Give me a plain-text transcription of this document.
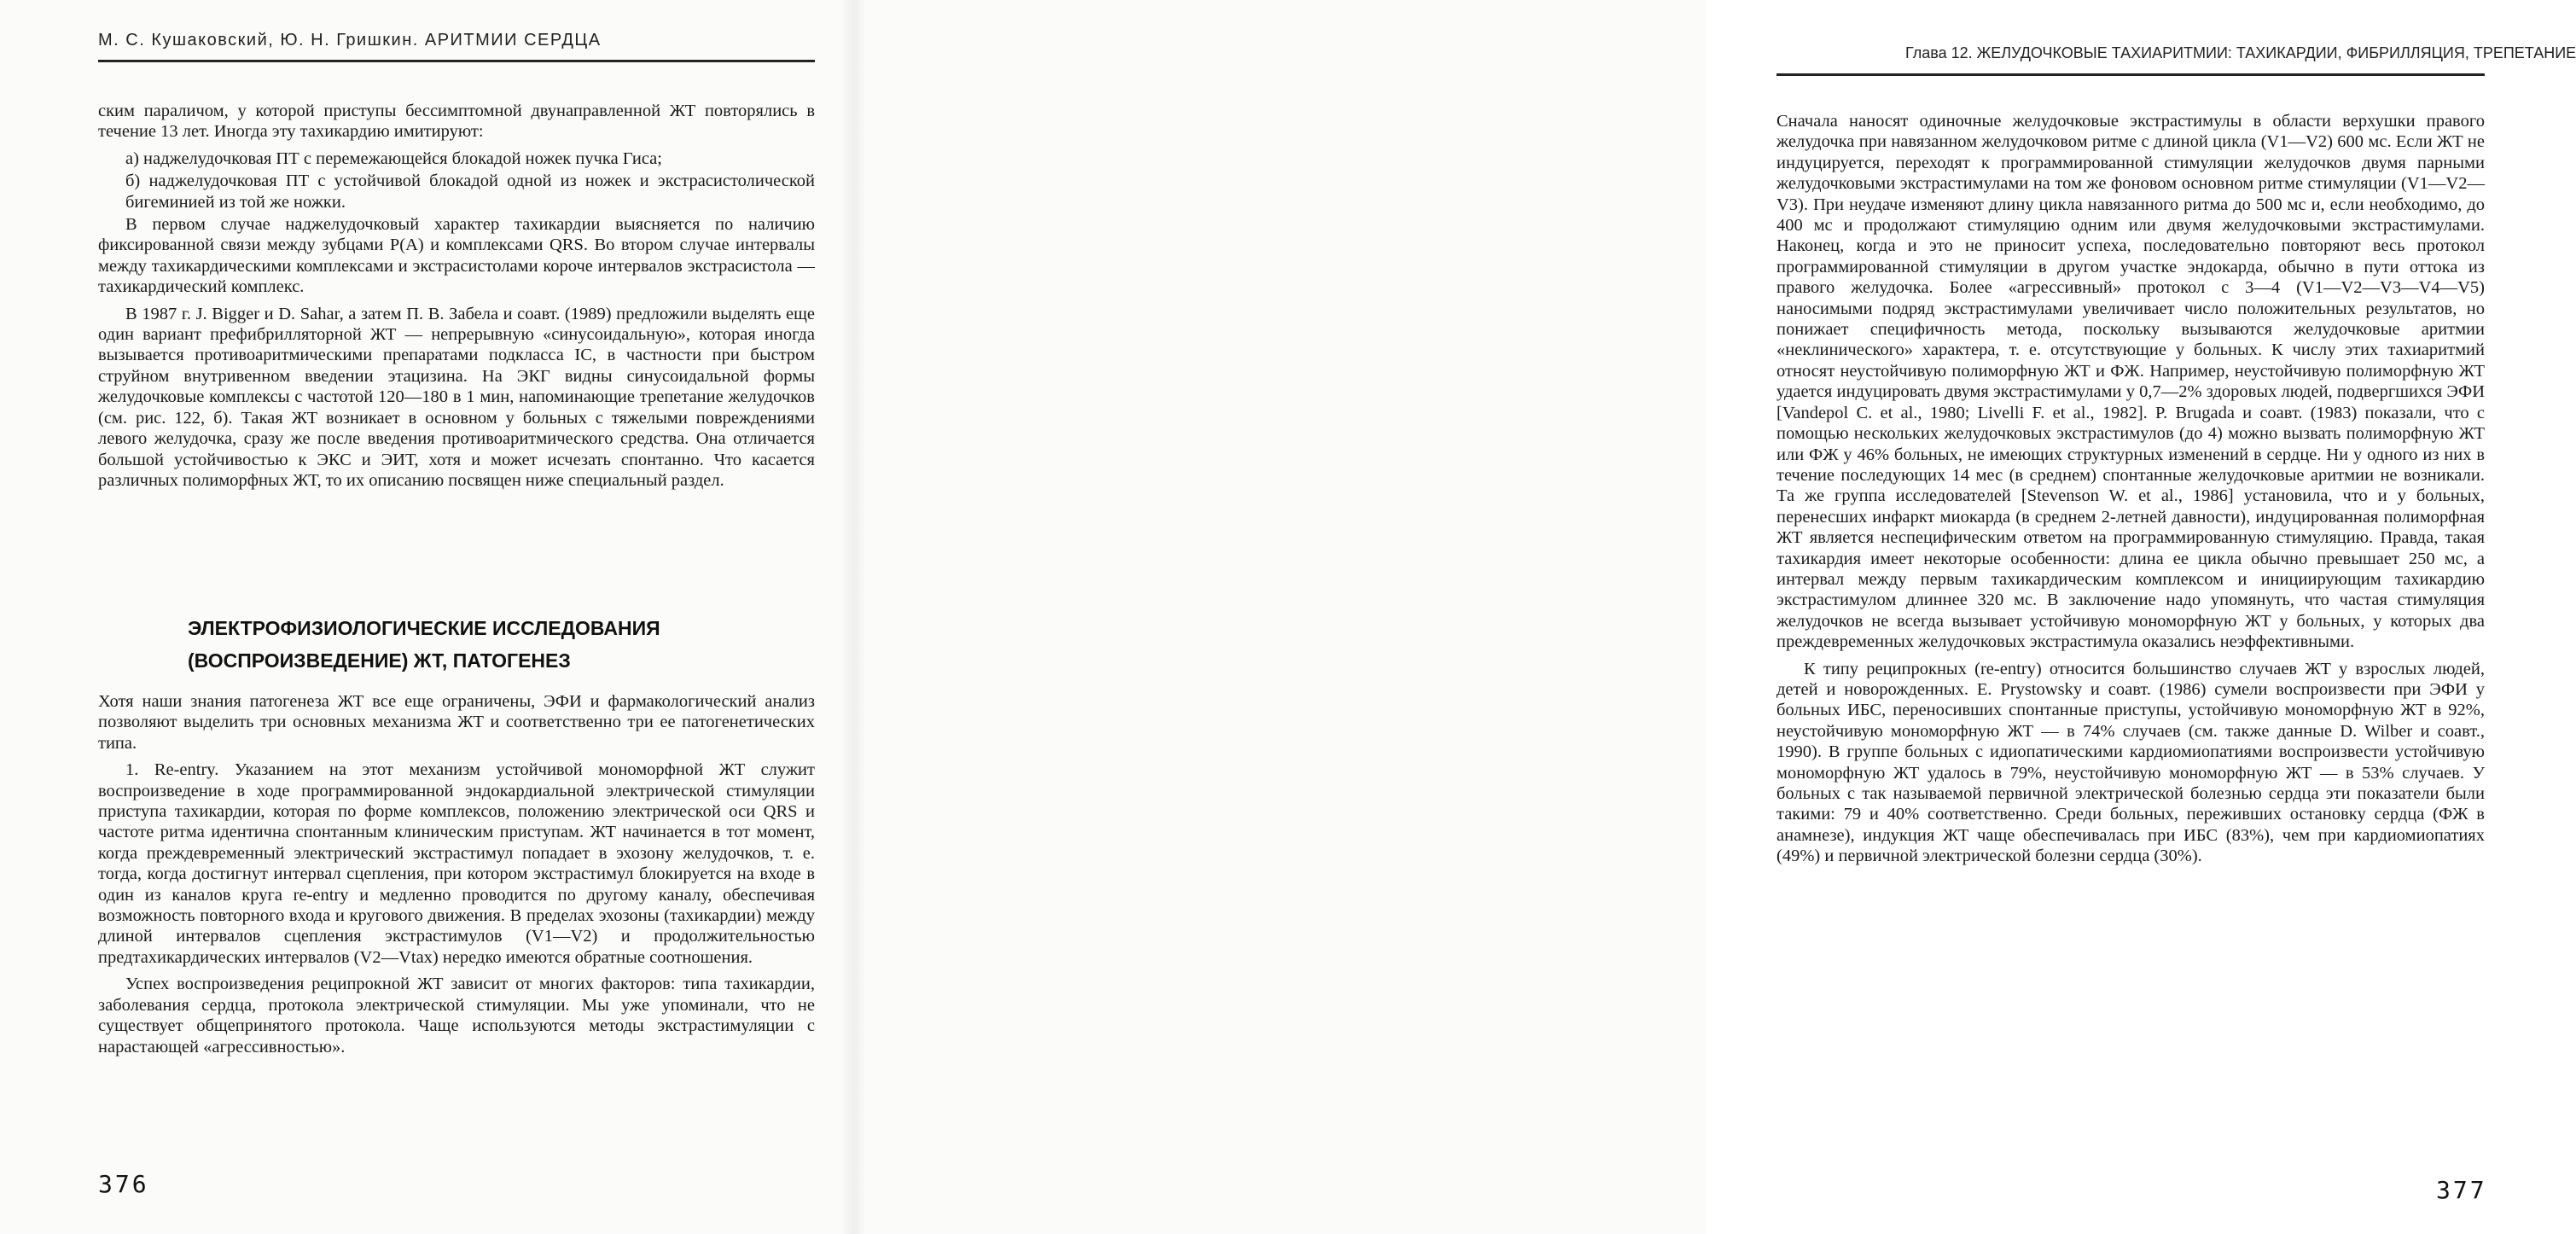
М. С. Кушаковский, Ю. Н. Гришкин. АРИТМИИ СЕРДЦА

ским параличом, у которой приступы бессимптомной двунаправленной ЖТ повторялись в течение 13 лет. Иногда эту тахикардию имитируют:

а) наджелудочковая ПТ с перемежающейся блокадой ножек пучка Гиса;

б) наджелудочковая ПТ с устойчивой блокадой одной из ножек и экстрасистолической бигеминией из той же ножки.

В первом случае наджелудочковый характер тахикардии выясняется по наличию фиксированной связи между зубцами P(A) и комплексами QRS. Во втором случае интервалы между тахикардическими комплексами и экстрасистолами короче интервалов экстрасистола — тахикардический комплекс.

В 1987 г. J. Bigger и D. Sahar, а затем П. В. Забела и соавт. (1989) предложили выделять еще один вариант префибрилляторной ЖТ — непрерывную «синусоидальную», которая иногда вызывается противоаритмическими препаратами подкласса IC, в частности при быстром струйном внутривенном введении этацизина. На ЭКГ видны синусоидальной формы желудочковые комплексы с частотой 120—180 в 1 мин, напоминающие трепетание желудочков (см. рис. 122, б). Такая ЖТ возникает в основном у больных с тяжелыми повреждениями левого желудочка, сразу же после введения противоаритмического средства. Она отличается большой устойчивостью к ЭКС и ЭИТ, хотя и может исчезать спонтанно. Что касается различных полиморфных ЖТ, то их описанию посвящен ниже специальный раздел.

ЭЛЕКТРОФИЗИОЛОГИЧЕСКИЕ ИССЛЕДОВАНИЯ
(ВОСПРОИЗВЕДЕНИЕ) ЖТ, ПАТОГЕНЕЗ

Хотя наши знания патогенеза ЖТ все еще ограничены, ЭФИ и фармакологический анализ позволяют выделить три основных механизма ЖТ и соответственно три ее патогенетических типа.

1. Re-entry. Указанием на этот механизм устойчивой мономорфной ЖТ служит воспроизведение в ходе программированной эндокардиальной электрической стимуляции приступа тахикардии, которая по форме комплексов, положению электрической оси QRS и частоте ритма идентична спонтанным клиническим приступам. ЖТ начинается в тот момент, когда преждевременный электрический экстрастимул попадает в эхозону желудочков, т. е. тогда, когда достигнут интервал сцепления, при котором экстрастимул блокируется на входе в один из каналов круга re-entry и медленно проводится по другому каналу, обеспечивая возможность повторного входа и кругового движения. В пределах эхозоны (тахикардии) между длиной интервалов сцепления экстрастимулов (V1—V2) и продолжительностью предтахикардических интервалов (V2—Vtax) нередко имеются обратные соотношения.

Успех воспроизведения реципрокной ЖТ зависит от многих факторов: типа тахикардии, заболевания сердца, протокола электрической стимуляции. Мы уже упоминали, что не существует общепринятого протокола. Чаще используются методы экстрастимуляции с нарастающей «агрессивностью».

376
Глава 12. ЖЕЛУДОЧКОВЫЕ ТАХИАРИТМИИ: ТАХИКАРДИИ, ФИБРИЛЛЯЦИЯ, ТРЕПЕТАНИЕ

Сначала наносят одиночные желудочковые экстрастимулы в области верхушки правого желудочка при навязанном желудочковом ритме с длиной цикла (V1—V2) 600 мс. Если ЖТ не индуцируется, переходят к программированной стимуляции желудочков двумя парными желудочковыми экстрастимулами на том же фоновом основном ритме стимуляции (V1—V2—V3). При неудаче изменяют длину цикла навязанного ритма до 500 мс и, если необходимо, до 400 мс и продолжают стимуляцию одним или двумя желудочковыми экстрастимулами. Наконец, когда и это не приносит успеха, последовательно повторяют весь протокол программированной стимуляции в другом участке эндокарда, обычно в пути оттока из правого желудочка. Более «агрессивный» протокол с 3—4 (V1—V2—V3—V4—V5) наносимыми подряд экстрастимулами увеличивает число положительных результатов, но понижает специфичность метода, поскольку вызываются желудочковые аритмии «неклинического» характера, т. е. отсутствующие у больных. К числу этих тахиаритмий относят неустойчивую полиморфную ЖТ и ФЖ. Например, неустойчивую полиморфную ЖТ удается индуцировать двумя экстрастимулами у 0,7—2% здоровых людей, подвергшихся ЭФИ [Vandepol C. et al., 1980; Livelli F. et al., 1982]. P. Brugada и соавт. (1983) показали, что с помощью нескольких желудочковых экстрастимулов (до 4) можно вызвать полиморфную ЖТ или ФЖ у 46% больных, не имеющих структурных изменений в сердце. Ни у одного из них в течение последующих 14 мес (в среднем) спонтанные желудочковые аритмии не возникали. Та же группа исследователей [Stevenson W. et al., 1986] установила, что и у больных, перенесших инфаркт миокарда (в среднем 2-летней давности), индуцированная полиморфная ЖТ является неспецифическим ответом на программированную стимуляцию. Правда, такая тахикардия имеет некоторые особенности: длина ее цикла обычно превышает 250 мс, а интервал между первым тахикардическим комплексом и инициирующим тахикардию экстрастимулом длиннее 320 мс. В заключение надо упомянуть, что частая стимуляция желудочков не всегда вызывает устойчивую мономорфную ЖТ у больных, у которых два преждевременных желудочковых экстрастимула оказались неэффективными.

К типу реципрокных (re-entry) относится большинство случаев ЖТ у взрослых людей, детей и новорожденных. E. Prystowsky и соавт. (1986) сумели воспроизвести при ЭФИ у больных ИБС, переносивших спонтанные приступы, устойчивую мономорфную ЖТ в 92%, неустойчивую мономорфную ЖТ — в 74% случаев (см. также данные D. Wilber и соавт., 1990). В группе больных с идиопатическими кардиомиопатиями воспроизвести устойчивую мономорфную ЖТ удалось в 79%, неустойчивую мономорфную ЖТ — в 53% случаев. У больных с так называемой первичной электрической болезнью сердца эти показатели были такими: 79 и 40% соответственно. Среди больных, переживших остановку сердца (ФЖ в анамнезе), индукция ЖТ чаще обеспечивалась при ИБС (83%), чем при кардиомиопатиях (49%) и первичной электрической болезни сердца (30%).

377
